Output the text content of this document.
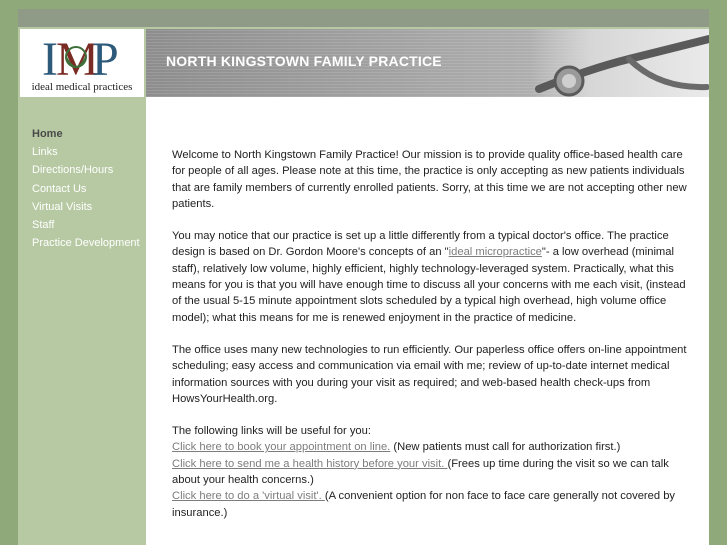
I
M
P
ideal medical practices
NORTH KINGSTOWN FAMILY PRACTICE
Home
Links
Directions/Hours
Contact Us
Virtual Visits
Staff
Practice Development

Welcome to North Kingstown Family Practice! Our mission is to provide quality office-based health care for people of all ages. Please note at this time, the practice is only accepting as new patients individuals that are family members of currently enrolled patients. Sorry, at this time we are not accepting other new patients.

You may notice that our practice is set up a little differently from a typical doctor's office. The practice design is based on Dr. Gordon Moore's concepts of an "ideal micropractice"- a low overhead (minimal staff), relatively low volume, highly efficient, highly technology-leveraged system. Practically, what this means for you is that you will have enough time to discuss all your concerns with me each visit, (instead of the usual 5-15 minute appointment slots scheduled by a typical high overhead, high volume office model); what this means for me is renewed enjoyment in the practice of medicine.

The office uses many new technologies to run efficiently. Our paperless office offers on-line appointment scheduling; easy access and communication via email with me; review of up-to-date internet medical information sources with you during your visit as required; and web-based health check-ups from HowsYourHealth.org.

The following links will be useful for you:
Click here to book your appointment on line. (New patients must call for authorization first.)
Click here to send me a health history before your visit. (Frees up time during the visit so we can talk about your health concerns.)
Click here to do a 'virtual visit'. (A convenient option for non face to face care generally not covered by insurance.)
